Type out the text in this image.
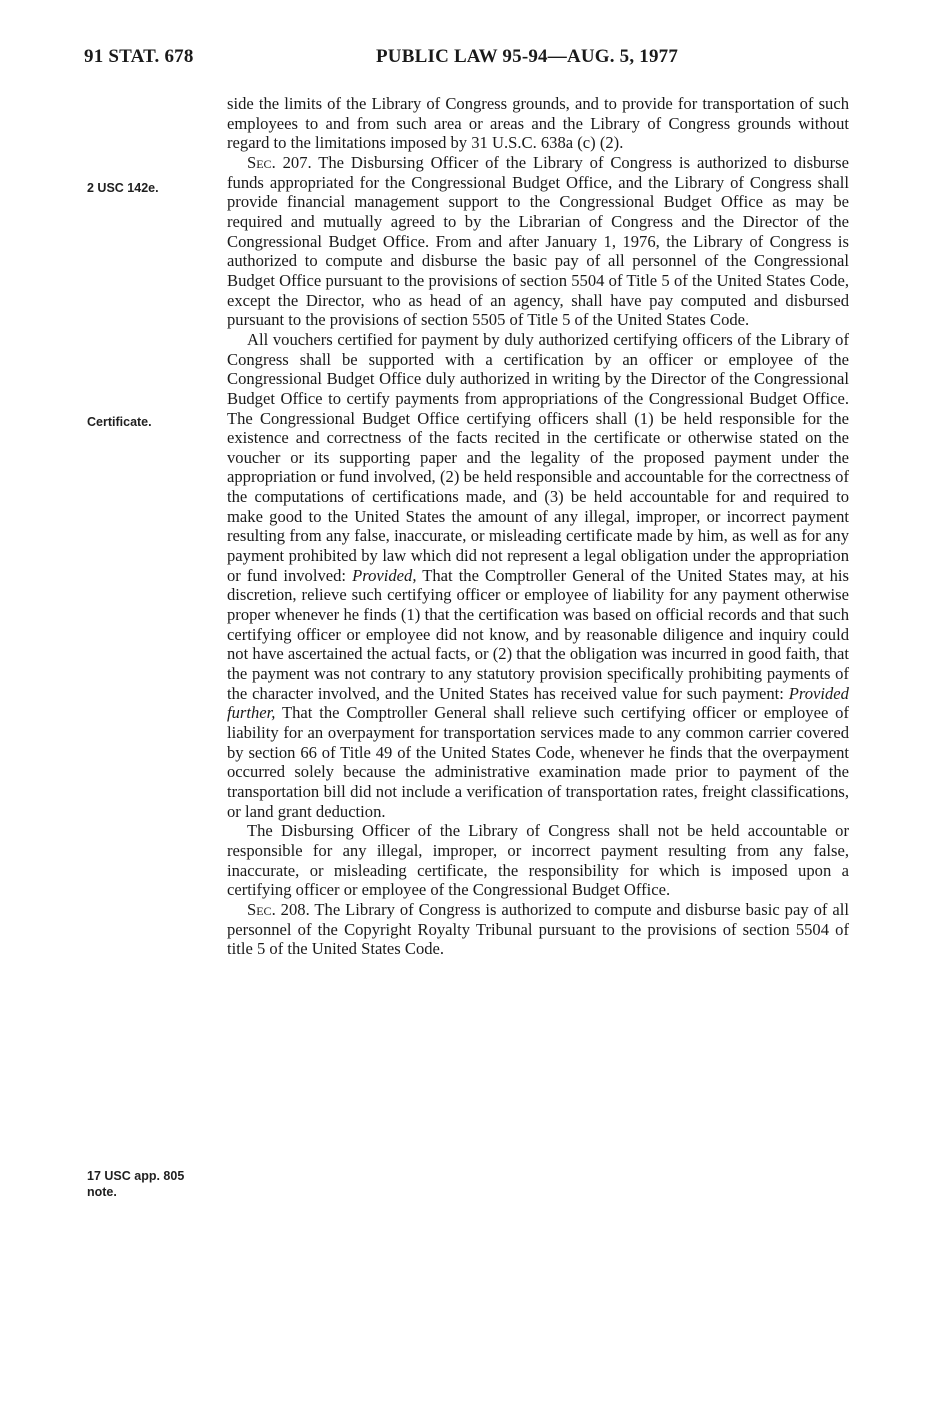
91 STAT. 678	PUBLIC LAW 95-94—AUG. 5, 1977
2 USC 142e.
Certificate.
17 USC app. 805
note.

side the limits of the Library of Congress grounds, and to provide for transportation of such employees to and from such area or areas and the Library of Congress grounds without regard to the limitations imposed by 31 U.S.C. 638a (c) (2).

Sec. 207. The Disbursing Officer of the Library of Congress is authorized to disburse funds appropriated for the Congressional Budget Office, and the Library of Congress shall provide financial management support to the Congressional Budget Office as may be required and mutually agreed to by the Librarian of Congress and the Director of the Congressional Budget Office. From and after January 1, 1976, the Library of Congress is authorized to compute and disburse the basic pay of all personnel of the Congressional Budget Office pursuant to the provisions of section 5504 of Title 5 of the United States Code, except the Director, who as head of an agency, shall have pay computed and disbursed pursuant to the provisions of section 5505 of Title 5 of the United States Code.

All vouchers certified for payment by duly authorized certifying officers of the Library of Congress shall be supported with a certification by an officer or employee of the Congressional Budget Office duly authorized in writing by the Director of the Congressional Budget Office to certify payments from appropriations of the Congressional Budget Office. The Congressional Budget Office certifying officers shall (1) be held responsible for the existence and correctness of the facts recited in the certificate or otherwise stated on the voucher or its supporting paper and the legality of the proposed payment under the appropriation or fund involved, (2) be held responsible and accountable for the correctness of the computations of certifications made, and (3) be held accountable for and required to make good to the United States the amount of any illegal, improper, or incorrect payment resulting from any false, inaccurate, or misleading certificate made by him, as well as for any payment prohibited by law which did not represent a legal obligation under the appropriation or fund involved: Provided, That the Comptroller General of the United States may, at his discretion, relieve such certifying officer or employee of liability for any payment otherwise proper whenever he finds (1) that the certification was based on official records and that such certifying officer or employee did not know, and by reasonable diligence and inquiry could not have ascertained the actual facts, or (2) that the obligation was incurred in good faith, that the payment was not contrary to any statutory provision specifically prohibiting payments of the character involved, and the United States has received value for such payment: Provided further, That the Comptroller General shall relieve such certifying officer or employee of liability for an overpayment for transportation services made to any common carrier covered by section 66 of Title 49 of the United States Code, whenever he finds that the overpayment occurred solely because the administrative examination made prior to payment of the transportation bill did not include a verification of transportation rates, freight classifications, or land grant deduction.

The Disbursing Officer of the Library of Congress shall not be held accountable or responsible for any illegal, improper, or incorrect payment resulting from any false, inaccurate, or misleading certificate, the responsibility for which is imposed upon a certifying officer or employee of the Congressional Budget Office.

Sec. 208. The Library of Congress is authorized to compute and disburse basic pay of all personnel of the Copyright Royalty Tribunal pursuant to the provisions of section 5504 of title 5 of the United States Code.
